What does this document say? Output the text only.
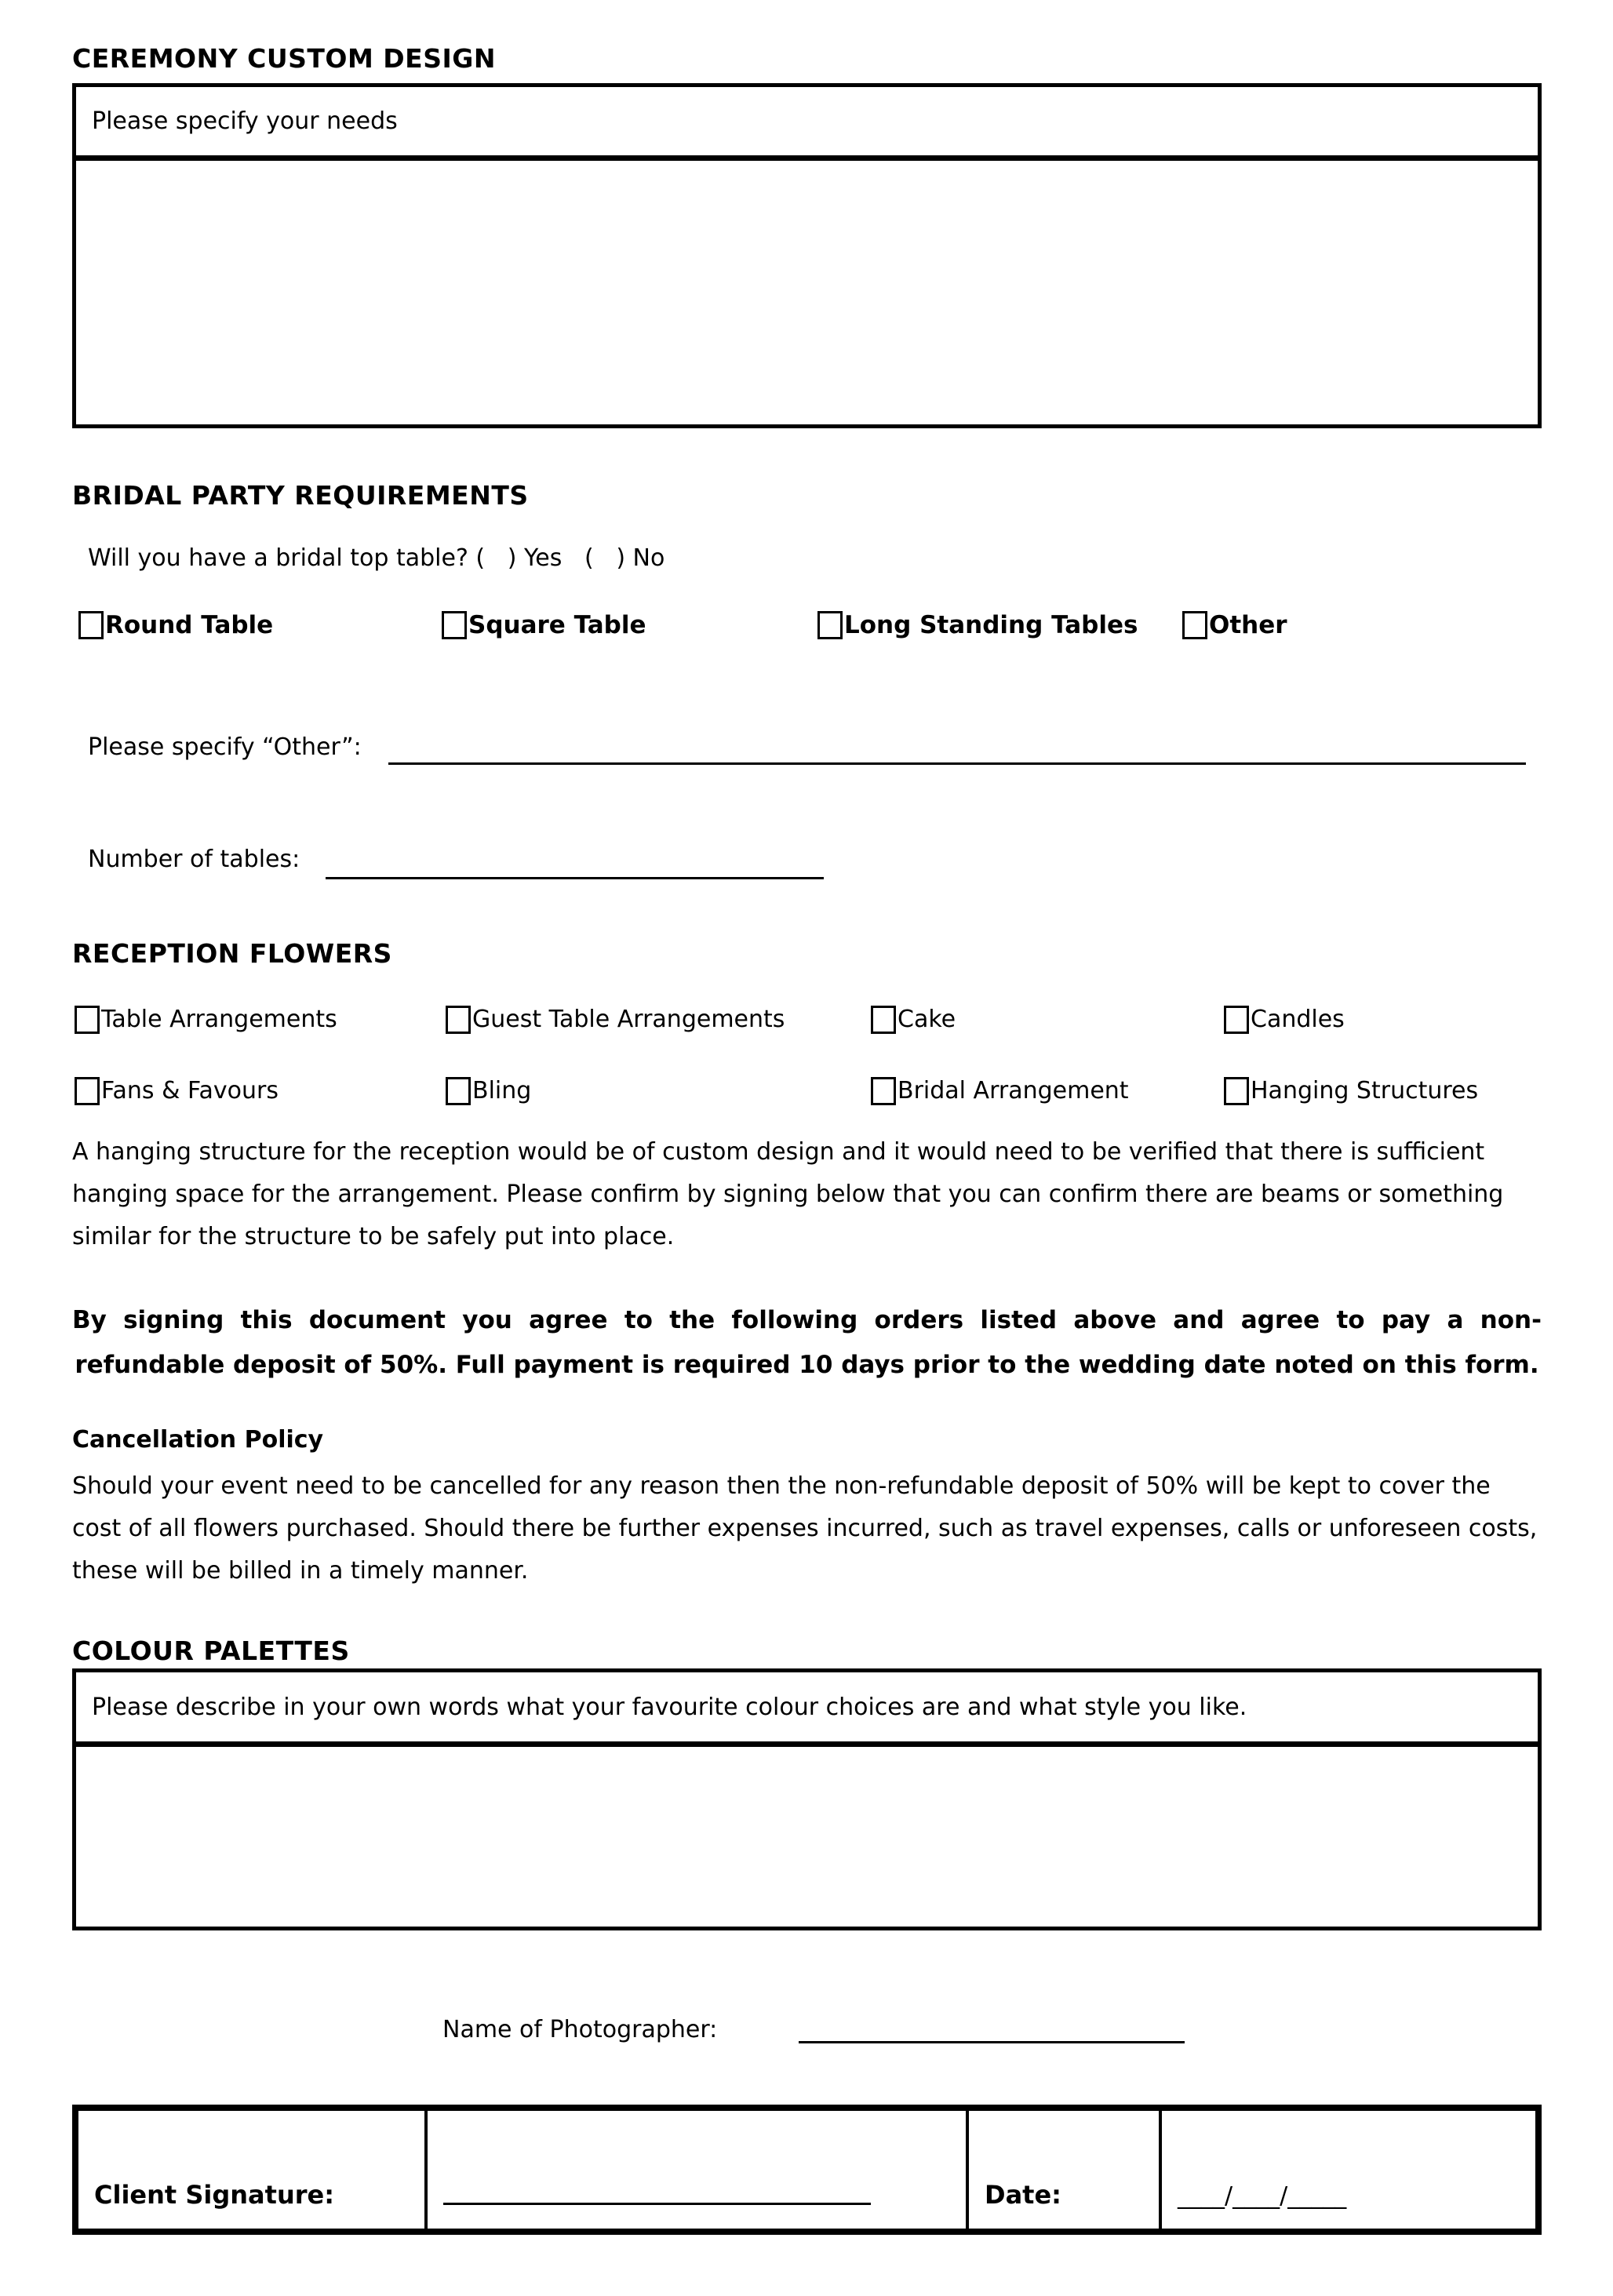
CEREMONY CUSTOM DESIGN
Please specify your needs
BRIDAL PARTY REQUIREMENTS
Will you have a bridal top table? (   ) Yes   (   ) No
Round Table	Square Table	Long Standing Tables	Other
Please specify “Other”:
Number of tables:
RECEPTION FLOWERS
Table Arrangements	Guest Table Arrangements	Cake	Candles
Fans & Favours	Bling	Bridal Arrangement	Hanging Structures
A hanging structure for the reception would be of custom design and it would need to be verified that there is sufficient hanging space for the arrangement. Please confirm by signing below that you can confirm there are beams or something similar for the structure to be safely put into place.
By signing this document you agree to the following orders listed above and agree to pay a non-refundable deposit of 50%. Full payment is required 10 days prior to the wedding date noted on this form.
Cancellation Policy
Should your event need to be cancelled for any reason then the non-refundable deposit of 50% will be kept to cover the cost of all flowers purchased. Should there be further expenses incurred, such as travel expenses, calls or unforeseen costs, these will be billed in a timely manner.
COLOUR PALETTES
Please describe in your own words what your favourite colour choices are and what style you like.
Name of Photographer:
Client Signature:	Date:	____/____/_____
